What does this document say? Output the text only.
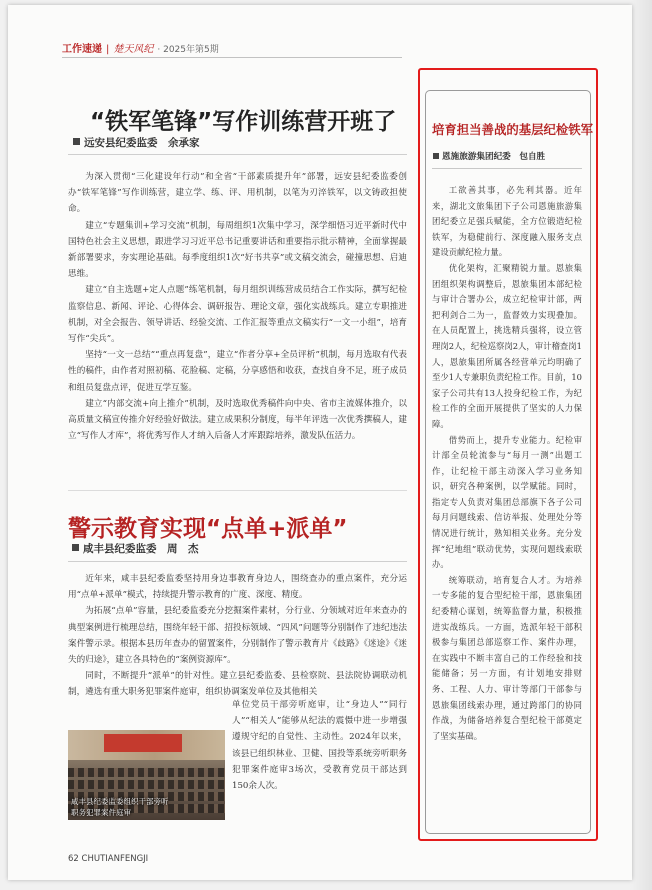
工作速递 | 楚天风纪 · 2025年第5期
“铁军笔锋”写作训练营开班了
远安县纪委监委　余承家

为深入贯彻“三化建设年行动”和全省“干部素质提升年”部署，远安县纪委监委创办“铁军笔锋”写作训练营，建立学、练、评、用机制，以笔为刃淬铁军，以文铸政担使命。

建立“专题集训+学习交流”机制，每周组织1次集中学习，深学细悟习近平新时代中国特色社会主义思想，跟进学习习近平总书记重要讲话和重要指示批示精神，全面掌握最新部署要求，夯实理论基础。每季度组织1次“好书共享”或文稿交流会，碰撞思想、启迪思维。

建立“自主选题+定人点题”练笔机制，每月组织训练营成员结合工作实际，撰写纪检监察信息、新闻、评论、心得体会、调研报告、理论文章，强化实战练兵。建立专职推进机制，对全会报告、领导讲话、经验交流、工作汇报等重点文稿实行“一文一小组”，培育写作“尖兵”。

坚持“一文一总结”“重点再复盘”，建立“作者分享+全员评析”机制，每月选取有代表性的稿件，由作者对照初稿、花脸稿、定稿，分享感悟和收获，查找自身不足，班子成员和组员复盘点评，促进互学互鉴。

建立“内部交流+向上推介”机制，及时选取优秀稿件向中央、省市主流媒体推介，以高质量文稿宣传推介好经验好做法。建立成果积分制度，每半年评选一次优秀撰稿人，建立“写作人才库”，将优秀写作人才纳入后备人才库跟踪培养，激发队伍活力。

警示教育实现“点单+派单”
咸丰县纪委监委　周　杰

近年来，咸丰县纪委监委坚持用身边事教育身边人，围绕查办的重点案件，充分运用“点单+派单”模式，持续提升警示教育的广度、深度、精度。

为拓展“点单”容量，县纪委监委充分挖掘案件素材，分行业、分领域对近年来查办的典型案例进行梳理总结，围绕年轻干部、招投标领域、“四风”问题等分别制作了违纪违法案件警示录。根据本县历年查办的留置案件，分别制作了警示教育片《歧路》《迷途》《迷失的归途》，建立各具特色的“案例资源库”。

同时，不断提升“派单”的针对性。建立县纪委监委、县检察院、县法院协调联动机制，遴选有重大职务犯罪案件庭审，组织协调案发单位及其他相关

单位党员干部旁听庭审，让“身边人”“同行人”“相关人”能够从纪法的震慑中进一步增强遵规守纪的自觉性、主动性。2024年以来，该县已组织林业、卫健、国投等系统旁听职务犯罪案件庭审3场次，受教育党员干部达到150余人次。

咸丰县纪委监委组织干部旁听
职务犯罪案件庭审
62 CHUTIANFENGJI
培育担当善战的基层纪检铁军
恩施旅游集团纪委　包自胜

工欲善其事，必先利其器。近年来，湖北文旅集团下子公司恩施旅游集团纪委立足强兵赋能，全方位锻造纪检铁军，为稳健前行、深度融入服务支点建设贡献纪检力量。

优化架构，汇聚精锐力量。恩旅集团组织架构调整后，恩旅集团本部纪检与审计合署办公，成立纪检审计部，两把利剑合二为一，监督效力实现叠加。在人员配置上，挑选精兵强将，设立管理岗2人，纪检巡察岗2人，审计稽查岗1人，恩旅集团所属各经营单元均明确了至少1人专兼职负责纪检工作。目前，10家子公司共有13人投身纪检工作，为纪检工作的全面开展提供了坚实的人力保障。

借势而上，提升专业能力。纪检审计部全员轮流参与“每月一测”出题工作，让纪检干部主动深入学习业务知识，研究各种案例，以学赋能。同时，指定专人负责对集团总部旗下各子公司每月问题线索、信访举报、处理处分等情况进行统计，熟知相关业务。充分发挥“纪地组”联动优势，实现问题线索联办。

统筹联动，培育复合人才。为培养一专多能的复合型纪检干部，恩旅集团纪委精心谋划，统筹监督力量，积极推进实战练兵。一方面，选派年轻干部积极参与集团总部巡察工作、案件办理，在实践中不断丰富自己的工作经验和技能储备；另一方面，有计划地安排财务、工程、人力、审计等部门干部参与恩旅集团线索办理，通过跨部门的协同作战，为储备培养复合型纪检干部奠定了坚实基础。
